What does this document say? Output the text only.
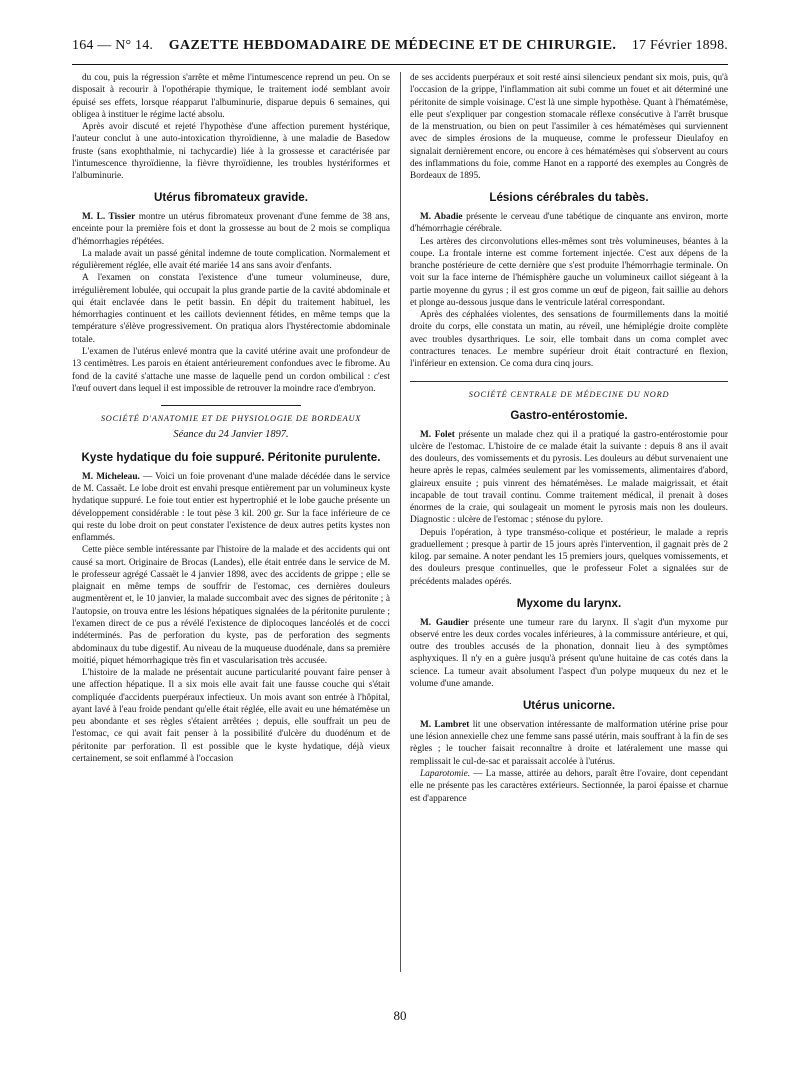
164 — N° 14. GAZETTE HEBDOMADAIRE DE MÉDECINE ET DE CHIRURGIE. 17 Février 1898.

du cou, puis la régression s'arrête et même l'intumescence reprend un peu. On se disposait à recourir à l'opothérapie thymique, le traitement iodé semblant avoir épuisé ses effets, lorsque réapparut l'albuminurie, disparue depuis 6 semaines, qui obligea à instituer le régime lacté absolu.

Après avoir discuté et rejeté l'hypothèse d'une affection purement hystérique, l'auteur conclut à une auto-intoxication thyroïdienne, à une maladie de Basedow fruste (sans exophthalmie, ni tachycardie) liée à la grossesse et caractérisée par l'intumescence thyroïdienne, la fièvre thyroïdienne, les troubles hystériformes et l'albuminurie.

Utérus fibromateux gravide.

M. L. Tissier montre un utérus fibromateux provenant d'une femme de 38 ans, enceinte pour la première fois et dont la grossesse au bout de 2 mois se compliqua d'hémorrhagies répétées.

La malade avait un passé génital indemne de toute complication. Normalement et régulièrement réglée, elle avait été mariée 14 ans sans avoir d'enfants.

A l'examen on constata l'existence d'une tumeur volumineuse, dure, irrégulièrement lobulée, qui occupait la plus grande partie de la cavité abdominale et qui était enclavée dans le petit bassin. En dépit du traitement habituel, les hémorrhagies continuent et les caillots deviennent fétides, en même temps que la température s'élève progressivement. On pratiqua alors l'hystérectomie abdominale totale.

L'examen de l'utérus enlevé montra que la cavité utérine avait une profondeur de 13 centimètres. Les parois en étaient antérieurement confondues avec le fibrome. Au fond de la cavité s'attache une masse de laquelle pend un cordon ombilical : c'est l'œuf ouvert dans lequel il est impossible de retrouver la moindre race d'embryon.

SOCIÉTÉ D'ANATOMIE ET DE PHYSIOLOGIE DE BORDEAUX
Séance du 24 Janvier 1897.
Kyste hydatique du foie suppuré. Péritonite purulente.

M. Micheleau. — Voici un foie provenant d'une malade décédée dans le service de M. Cassaët. Le lobe droit est envahi presque entièrement par un volumineux kyste hydatique suppuré. Le foie tout entier est hypertrophié et le lobe gauche présente un développement considérable : le tout pèse 3 kil. 200 gr. Sur la face inférieure de ce qui reste du lobe droit on peut constater l'existence de deux autres petits kystes non enflammés.

Cette pièce semble intéressante par l'histoire de la malade et des accidents qui ont causé sa mort. Originaire de Brocas (Landes), elle était entrée dans le service de M. le professeur agrégé Cassaët le 4 janvier 1898, avec des accidents de grippe ; elle se plaignait en même temps de souffrir de l'estomac, ces dernières douleurs augmentèrent et, le 10 janvier, la malade succombait avec des signes de péritonite ; à l'autopsie, on trouva entre les lésions hépatiques signalées de la péritonite purulente ; l'examen direct de ce pus a révélé l'existence de diplocoques lancéolés et de cocci indéterminés. Pas de perforation du kyste, pas de perforation des segments abdominaux du tube digestif. Au niveau de la muqueuse duodénale, dans sa première moitié, piquet hémorrhagique très fin et vascularisation très accusée.

L'histoire de la malade ne présentait aucune particularité pouvant faire penser à une affection hépatique. Il a six mois elle avait fait une fausse couche qui s'était compliquée d'accidents puerpéraux infectieux. Un mois avant son entrée à l'hôpital, ayant lavé à l'eau froide pendant qu'elle était réglée, elle avait eu une hématémèse un peu abondante et ses règles s'étaient arrêtées ; depuis, elle souffrait un peu de l'estomac, ce qui avait fait penser à la possibilité d'ulcère du duodénum et de péritonite par perforation. Il est possible que le kyste hydatique, déjà vieux certainement, se soit enflammé à l'occasion

de ses accidents puerpéraux et soit resté ainsi silencieux pendant six mois, puis, qu'à l'occasion de la grippe, l'inflammation ait subi comme un fouet et ait déterminé une péritonite de simple voisinage. C'est là une simple hypothèse. Quant à l'hématémèse, elle peut s'expliquer par congestion stomacale réflexe consécutive à l'arrêt brusque de la menstruation, ou bien on peut l'assimiler à ces hématémèses qui surviennent avec de simples érosions de la muqueuse, comme le professeur Dieulafoy en signalait dernièrement encore, ou encore à ces hématémèses qui s'observent au cours des inflammations du foie, comme Hanot en a rapporté des exemples au Congrès de Bordeaux de 1895.

Lésions cérébrales du tabès.

M. Abadie présente le cerveau d'une tabétique de cinquante ans environ, morte d'hémorrhagie cérébrale.

Les artères des circonvolutions elles-mêmes sont très volumineuses, béantes à la coupe. La frontale interne est comme fortement injectée. C'est aux dépens de la branche postérieure de cette dernière que s'est produite l'hémorrhagie terminale. On voit sur la face interne de l'hémisphère gauche un volumineux caillot siégeant à la partie moyenne du gyrus ; il est gros comme un œuf de pigeon, fait saillie au dehors et plonge au-dessous jusque dans le ventricule latéral correspondant.

Après des céphalées violentes, des sensations de fourmillements dans la moitié droite du corps, elle constata un matin, au réveil, une hémiplégie droite complète avec troubles dysarthriques. Le soir, elle tombait dans un coma complet avec contractures tenaces. Le membre supérieur droit était contracturé en flexion, l'inférieur en extension. Ce coma dura cinq jours.

SOCIÉTÉ CENTRALE DE MÉDECINE DU NORD
Gastro-entérostomie.

M. Folet présente un malade chez qui il a pratiqué la gastro-entérostomie pour ulcère de l'estomac. L'histoire de ce malade était la suivante : depuis 8 ans il avait des douleurs, des vomissements et du pyrosis. Les douleurs au début survenaient une heure après le repas, calmées seulement par les vomissements, alimentaires d'abord, glaireux ensuite ; puis vinrent des hématémèses. Le malade maigrissait, et était incapable de tout travail continu. Comme traitement médical, il prenait à doses énormes de la craie, qui soulageait un moment le pyrosis mais non les douleurs. Diagnostic : ulcère de l'estomac ; sténose du pylore.

Depuis l'opération, à type transméso-colique et postérieur, le malade a repris graduellement ; presque à partir de 15 jours après l'intervention, il gagnait près de 2 kilog. par semaine. A noter pendant les 15 premiers jours, quelques vomissements, et des douleurs presque continuelles, que le professeur Folet a signalées sur de précédents malades opérés.

Myxome du larynx.

M. Gaudier présente une tumeur rare du larynx. Il s'agit d'un myxome pur observé entre les deux cordes vocales inférieures, à la commissure antérieure, et qui, outre des troubles accusés de la phonation, donnait lieu à des symptômes asphyxiques. Il n'y en a guère jusqu'à présent qu'une huitaine de cas cotés dans la science. La tumeur avait absolument l'aspect d'un polype muqueux du nez et le volume d'une amande.

Utérus unicorne.

M. Lambret lit une observation intéressante de malformation utérine prise pour une lésion annexielle chez une femme sans passé utérin, mais souffrant à la fin de ses règles ; le toucher faisait reconnaître à droite et latéralement une masse qui remplissait le cul-de-sac et paraissait accolée à l'utérus.

Laparotomie. — La masse, attirée au dehors, paraît être l'ovaire, dont cependant elle ne présente pas les caractères extérieurs. Sectionnée, la paroi épaisse et charnue est d'apparence

80
